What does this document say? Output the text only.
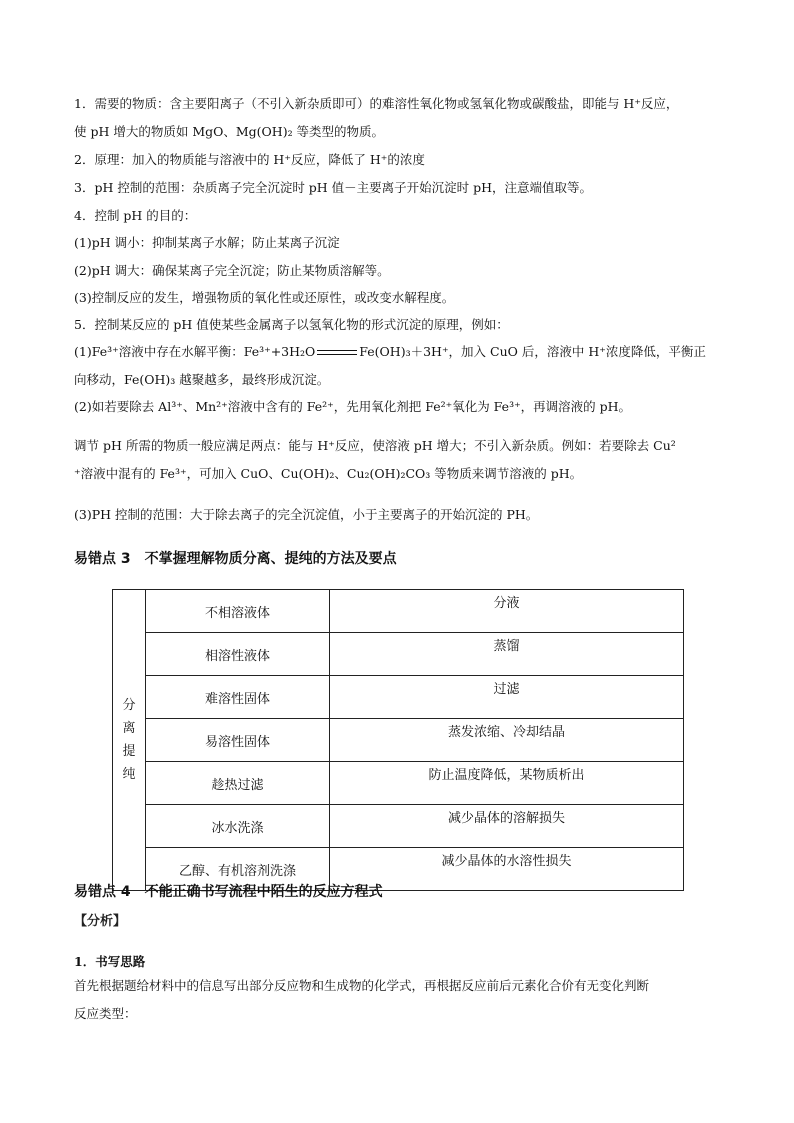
1．需要的物质：含主要阳离子（不引入新杂质即可）的难溶性氧化物或氢氧化物或碳酸盐，即能与 H⁺反应，
使 pH 增大的物质如 MgO、Mg(OH)₂ 等类型的物质。
2．原理：加入的物质能与溶液中的 H⁺反应，降低了 H⁺的浓度
3．pH 控制的范围：杂质离子完全沉淀时 pH 值－主要离子开始沉淀时 pH，注意端值取等。
4．控制 pH 的目的：
(1)pH 调小：抑制某离子水解；防止某离子沉淀
(2)pH 调大：确保某离子完全沉淀；防止某物质溶解等。
(3)控制反应的发生，增强物质的氧化性或还原性，或改变水解程度。
5．控制某反应的 pH 值使某些金属离子以氢氧化物的形式沉淀的原理，例如：
(1)Fe³⁺溶液中存在水解平衡：Fe³⁺+3H₂O	Fe(OH)₃＋3H⁺，加入 CuO 后，溶液中 H⁺浓度降低，平衡正
向移动，Fe(OH)₃ 越聚越多，最终形成沉淀。
(2)如若要除去 Al³⁺、Mn²⁺溶液中含有的 Fe²⁺，先用氧化剂把 Fe²⁺氧化为 Fe³⁺，再调溶液的 pH。
调节 pH 所需的物质一般应满足两点：能与 H⁺反应，使溶液 pH 增大；不引入新杂质。例如：若要除去 Cu²
⁺溶液中混有的 Fe³⁺，可加入 CuO、Cu(OH)₂、Cu₂(OH)₂CO₃ 等物质来调节溶液的 pH。
(3)PH 控制的范围：大于除去离子的完全沉淀值，小于主要离子的开始沉淀的 PH。
易错点 3　不掌握理解物质分离、提纯的方法及要点
分
离
提
纯	不相溶液体	分液
	相溶性液体	蒸馏
	难溶性固体	过滤
	易溶性固体	蒸发浓缩、冷却结晶
	趁热过滤	防止温度降低，某物质析出
	冰水洗涤	减少晶体的溶解损失
	乙醇、有机溶剂洗涤	减少晶体的水溶性损失
易错点 4　不能正确书写流程中陌生的反应方程式
【分析】
1．书写思路
首先根据题给材料中的信息写出部分反应物和生成物的化学式，再根据反应前后元素化合价有无变化判断
反应类型：
